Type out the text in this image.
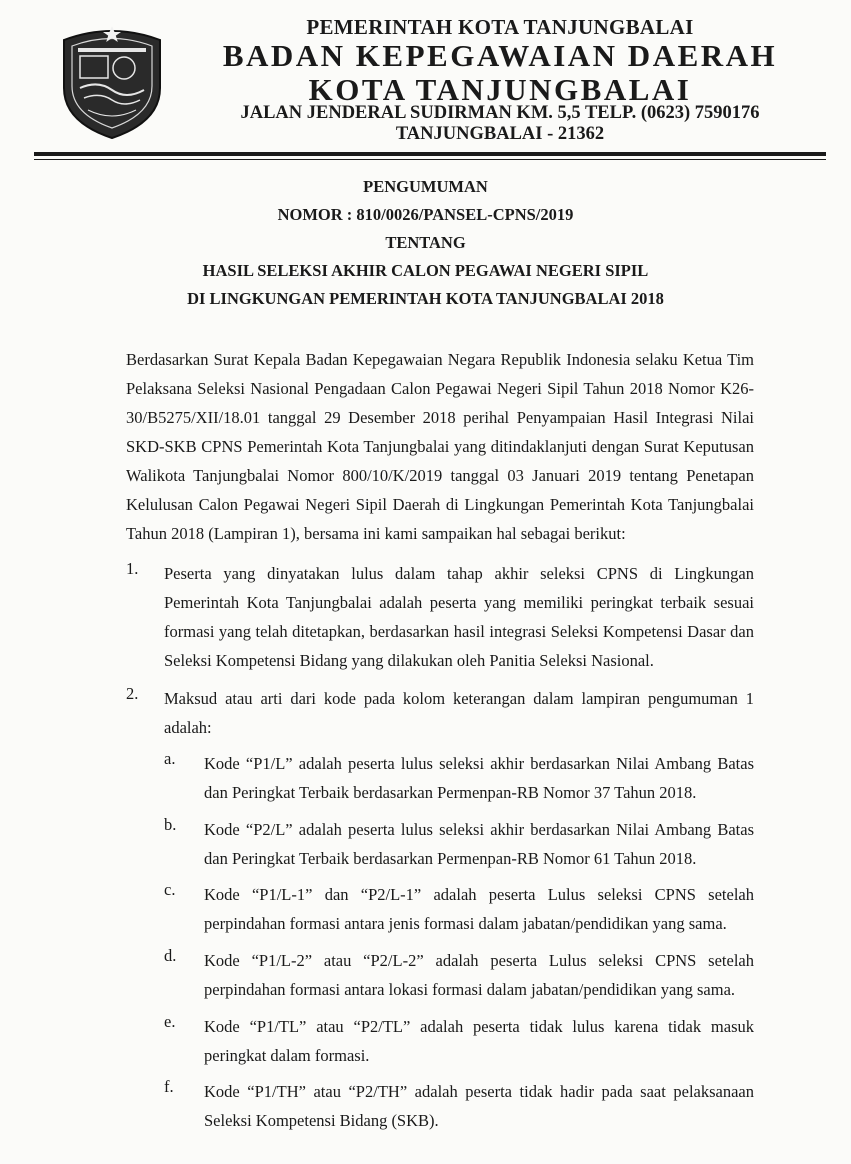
PEMERINTAH KOTA TANJUNGBALAI
BADAN KEPEGAWAIAN DAERAH
KOTA TANJUNGBALAI
JALAN JENDERAL SUDIRMAN KM. 5,5 TELP. (0623) 7590176
TANJUNGBALAI - 21362
PENGUMUMAN
NOMOR : 810/0026/PANSEL-CPNS/2019
TENTANG
HASIL SELEKSI AKHIR CALON PEGAWAI NEGERI SIPIL
DI LINGKUNGAN PEMERINTAH KOTA TANJUNGBALAI 2018
Berdasarkan Surat Kepala Badan Kepegawaian Negara Republik Indonesia selaku Ketua Tim Pelaksana Seleksi Nasional Pengadaan Calon Pegawai Negeri Sipil Tahun 2018 Nomor K26-30/B5275/XII/18.01 tanggal 29 Desember 2018 perihal Penyampaian Hasil Integrasi Nilai SKD-SKB CPNS Pemerintah Kota Tanjungbalai yang ditindaklanjuti dengan Surat Keputusan Walikota Tanjungbalai Nomor 800/10/K/2019 tanggal 03 Januari 2019 tentang Penetapan Kelulusan Calon Pegawai Negeri Sipil Daerah di Lingkungan Pemerintah Kota Tanjungbalai Tahun 2018 (Lampiran 1), bersama ini kami sampaikan hal sebagai berikut:
1. Peserta yang dinyatakan lulus dalam tahap akhir seleksi CPNS di Lingkungan Pemerintah Kota Tanjungbalai adalah peserta yang memiliki peringkat terbaik sesuai formasi yang telah ditetapkan, berdasarkan hasil integrasi Seleksi Kompetensi Dasar dan Seleksi Kompetensi Bidang yang dilakukan oleh Panitia Seleksi Nasional.
2. Maksud atau arti dari kode pada kolom keterangan dalam lampiran pengumuman 1 adalah:
a. Kode “P1/L” adalah peserta lulus seleksi akhir berdasarkan Nilai Ambang Batas dan Peringkat Terbaik berdasarkan Permenpan-RB Nomor 37 Tahun 2018.
b. Kode “P2/L” adalah peserta lulus seleksi akhir berdasarkan Nilai Ambang Batas dan Peringkat Terbaik berdasarkan Permenpan-RB Nomor 61 Tahun 2018.
c. Kode “P1/L-1” dan “P2/L-1” adalah peserta Lulus seleksi CPNS setelah perpindahan formasi antara jenis formasi dalam jabatan/pendidikan yang sama.
d. Kode “P1/L-2” atau “P2/L-2” adalah peserta Lulus seleksi CPNS setelah perpindahan formasi antara lokasi formasi dalam jabatan/pendidikan yang sama.
e. Kode “P1/TL” atau “P2/TL” adalah peserta tidak lulus karena tidak masuk peringkat dalam formasi.
f. Kode “P1/TH” atau “P2/TH” adalah peserta tidak hadir pada saat pelaksanaan Seleksi Kompetensi Bidang (SKB).
